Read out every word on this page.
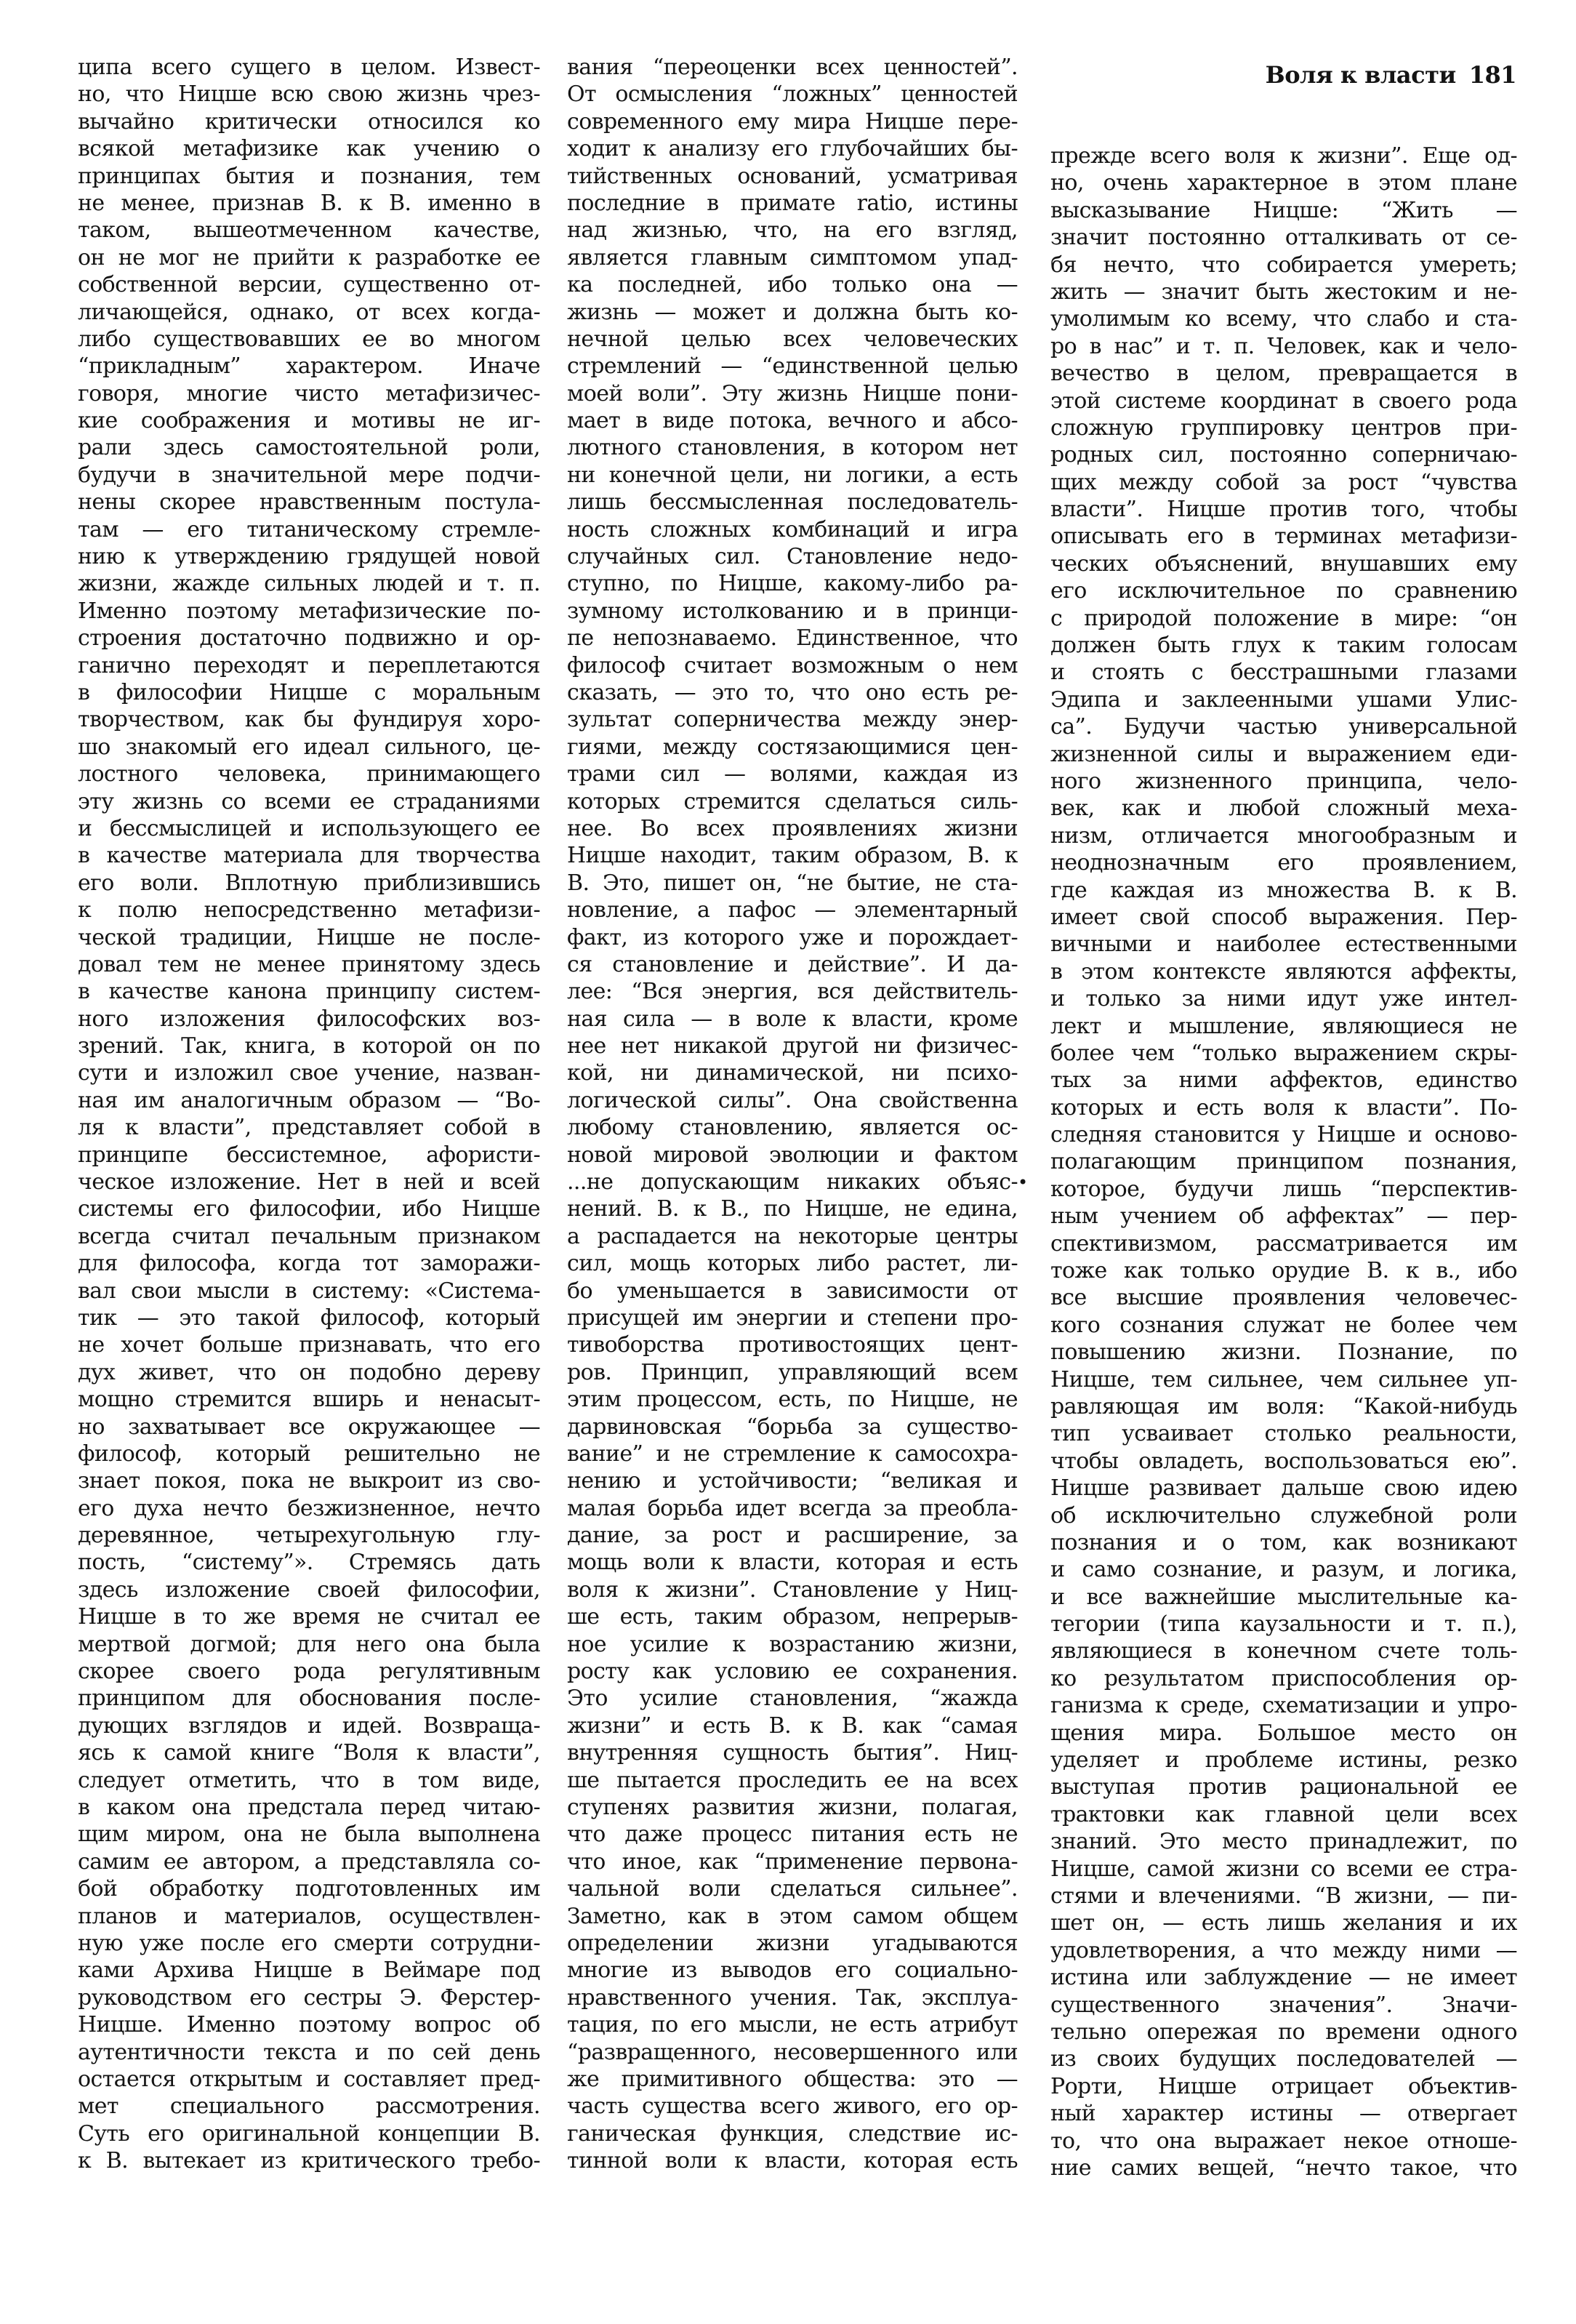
Воля к власти 181
ципа всего сущего в целом. Извест-
но, что Ницше всю свою жизнь чрез-
вычайно критически относился ко
всякой метафизике как учению о
принципах бытия и познания, тем
не менее, признав В. к В. именно в
таком, вышеотмеченном качестве,
он не мог не прийти к разработке ее
собственной версии, существенно от-
личающейся, однако, от всех когда-
либо существовавших ее во многом
“прикладным” характером. Иначе
говоря, многие чисто метафизичес-
кие соображения и мотивы не иг-
рали здесь самостоятельной роли,
будучи в значительной мере подчи-
нены скорее нравственным постула-
там — его титаническому стремле-
нию к утверждению грядущей новой
жизни, жажде сильных людей и т. п.
Именно поэтому метафизические по-
строения достаточно подвижно и ор-
ганично переходят и переплетаются
в философии Ницше с моральным
творчеством, как бы фундируя хоро-
шо знакомый его идеал сильного, це-
лостного человека, принимающего
эту жизнь со всеми ее страданиями
и бессмыслицей и использующего ее
в качестве материала для творчества
его воли. Вплотную приблизившись
к полю непосредственно метафизи-
ческой традиции, Ницше не после-
довал тем не менее принятому здесь
в качестве канона принципу систем-
ного изложения философских воз-
зрений. Так, книга, в которой он по
сути и изложил свое учение, назван-
ная им аналогичным образом — “Во-
ля к власти”, представляет собой в
принципе бессистемное, афористи-
ческое изложение. Нет в ней и всей
системы его философии, ибо Ницше
всегда считал печальным признаком
для философа, когда тот заморажи-
вал свои мысли в систему: «Система-
тик — это такой философ, который
не хочет больше признавать, что его
дух живет, что он подобно дереву
мощно стремится вширь и ненасыт-
но захватывает все окружающее —
философ, который решительно не
знает покоя, пока не выкроит из сво-
его духа нечто безжизненное, нечто
деревянное, четырехугольную глу-
пость, “систему”». Стремясь дать
здесь изложение своей философии,
Ницше в то же время не считал ее
мертвой догмой; для него она была
скорее своего рода регулятивным
принципом для обоснования после-
дующих взглядов и идей. Возвраща-
ясь к самой книге “Воля к власти”,
следует отметить, что в том виде,
в каком она предстала перед читаю-
щим миром, она не была выполнена
самим ее автором, а представляла со-
бой обработку подготовленных им
планов и материалов, осуществлен-
ную уже после его смерти сотрудни-
ками Архива Ницше в Веймаре под
руководством его сестры Э. Ферстер-
Ницше. Именно поэтому вопрос об
аутентичности текста и по сей день
остается открытым и составляет пред-
мет специального рассмотрения.
Суть его оригинальной концепции В.
к В. вытекает из критического требо-
вания “переоценки всех ценностей”.
От осмысления “ложных” ценностей
современного ему мира Ницше пере-
ходит к анализу его глубочайших бы-
тийственных оснований, усматривая
последние в примате ratio, истины
над жизнью, что, на его взгляд,
является главным симптомом упад-
ка последней, ибо только она —
жизнь — может и должна быть ко-
нечной целью всех человеческих
стремлений — “единственной целью
моей воли”. Эту жизнь Ницше пони-
мает в виде потока, вечного и абсо-
лютного становления, в котором нет
ни конечной цели, ни логики, а есть
лишь бессмысленная последователь-
ность сложных комбинаций и игра
случайных сил. Становление недо-
ступно, по Ницше, какому-либо ра-
зумному истолкованию и в принци-
пе непознаваемо. Единственное, что
философ считает возможным о нем
сказать, — это то, что оно есть ре-
зультат соперничества между энер-
гиями, между состязающимися цен-
трами сил — волями, каждая из
которых стремится сделаться силь-
нее. Во всех проявлениях жизни
Ницше находит, таким образом, В. к
В. Это, пишет он, “не бытие, не ста-
новление, а пафос — элементарный
факт, из которого уже и порождает-
ся становление и действие”. И да-
лее: “Вся энергия, вся действитель-
ная сила — в воле к власти, кроме
нее нет никакой другой ни физичес-
кой, ни динамической, ни психо-
логической силы”. Она свойственна
любому становлению, является ос-
новой мировой эволюции и фактом
...не допускающим никаких объяс-
нений. В. к В., по Ницше, не едина,
а распадается на некоторые центры
сил, мощь которых либо растет, ли-
бо уменьшается в зависимости от
присущей им энергии и степени про-
тивоборства противостоящих цент-
ров. Принцип, управляющий всем
этим процессом, есть, по Ницше, не
дарвиновская “борьба за существо-
вание” и не стремление к самосохра-
нению и устойчивости; “великая и
малая борьба идет всегда за преобла-
дание, за рост и расширение, за
мощь воли к власти, которая и есть
воля к жизни”. Становление у Ниц-
ше есть, таким образом, непрерыв-
ное усилие к возрастанию жизни,
росту как условию ее сохранения.
Это усилие становления, “жажда
жизни” и есть В. к В. как “самая
внутренняя сущность бытия”. Ниц-
ше пытается проследить ее на всех
ступенях развития жизни, полагая,
что даже процесс питания есть не
что иное, как “применение первона-
чальной воли сделаться сильнее”.
Заметно, как в этом самом общем
определении жизни угадываются
многие из выводов его социально-
нравственного учения. Так, эксплуа-
тация, по его мысли, не есть атрибут
“развращенного, несовершенного или
же примитивного общества: это —
часть существа всего живого, его ор-
ганическая функция, следствие ис-
тинной воли к власти, которая есть
прежде всего воля к жизни”. Еще од-
но, очень характерное в этом плане
высказывание Ницше: “Жить —
значит постоянно отталкивать от се-
бя нечто, что собирается умереть;
жить — значит быть жестоким и не-
умолимым ко всему, что слабо и ста-
ро в нас” и т. п. Человек, как и чело-
вечество в целом, превращается в
этой системе координат в своего рода
сложную группировку центров при-
родных сил, постоянно соперничаю-
щих между собой за рост “чувства
власти”. Ницше против того, чтобы
описывать его в терминах метафизи-
ческих объяснений, внушавших ему
его исключительное по сравнению
с природой положение в мире: “он
должен быть глух к таким голосам
и стоять с бесстрашными глазами
Эдипа и заклеенными ушами Улис-
са”. Будучи частью универсальной
жизненной силы и выражением еди-
ного жизненного принципа, чело-
век, как и любой сложный меха-
низм, отличается многообразным и
неоднозначным его проявлением,
где каждая из множества В. к В.
имеет свой способ выражения. Пер-
вичными и наиболее естественными
в этом контексте являются аффекты,
и только за ними идут уже интел-
лект и мышление, являющиеся не
более чем “только выражением скры-
тых за ними аффектов, единство
которых и есть воля к власти”. По-
следняя становится у Ницше и осново-
полагающим принципом познания,
которое, будучи лишь “перспектив-
ным учением об аффектах” — пер-
спективизмом, рассматривается им
тоже как только орудие В. к в., ибо
все высшие проявления человечес-
кого сознания служат не более чем
повышению жизни. Познание, по
Ницше, тем сильнее, чем сильнее уп-
равляющая им воля: “Какой-нибудь
тип усваивает столько реальности,
чтобы овладеть, воспользоваться ею”.
Ницше развивает дальше свою идею
об исключительно служебной роли
познания и о том, как возникают
и само сознание, и разум, и логика,
и все важнейшие мыслительные ка-
тегории (типа каузальности и т. п.),
являющиеся в конечном счете толь-
ко результатом приспособления ор-
ганизма к среде, схематизации и упро-
щения мира. Большое место он
уделяет и проблеме истины, резко
выступая против рациональной ее
трактовки как главной цели всех
знаний. Это место принадлежит, по
Ницше, самой жизни со всеми ее стра-
стями и влечениями. “В жизни, — пи-
шет он, — есть лишь желания и их
удовлетворения, а что между ними —
истина или заблуждение — не имеет
существенного значения”. Значи-
тельно опережая по времени одного
из своих будущих последователей —
Рорти, Ницше отрицает объектив-
ный характер истины — отвергает
то, что она выражает некое отноше-
ние самих вещей, “нечто такое, что
•
